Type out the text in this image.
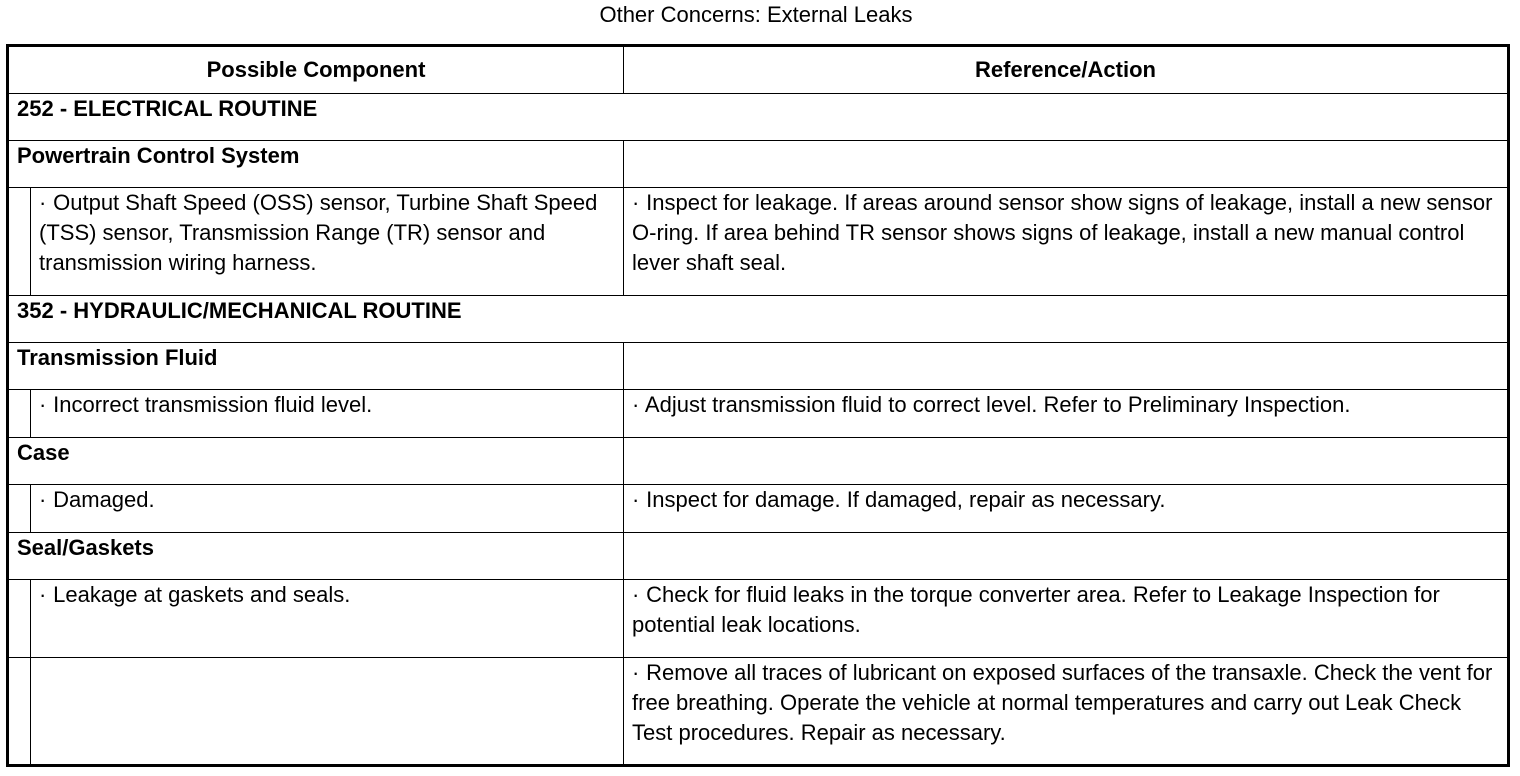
Other Concerns: External Leaks
Possible Component		Reference/Action
252 - ELECTRICAL ROUTINE		
Powertrain Control System		
	· Output Shaft Speed (OSS) sensor, Turbine Shaft Speed (TSS) sensor, Transmission Range (TR) sensor and transmission wiring harness.	· Inspect for leakage. If areas around sensor show signs of leakage, install a new sensor O-ring. If area behind TR sensor shows signs of leakage, install a new manual control lever shaft seal.
352 - HYDRAULIC/MECHANICAL ROUTINE		
Transmission Fluid		
	· Incorrect transmission fluid level.	· Adjust transmission fluid to correct level. Refer to Preliminary Inspection.
Case		
	· Damaged.	· Inspect for damage. If damaged, repair as necessary.
Seal/Gaskets		
	· Leakage at gaskets and seals.	· Check for fluid leaks in the torque converter area. Refer to Leakage Inspection for potential leak locations.
		· Remove all traces of lubricant on exposed surfaces of the transaxle. Check the vent for free breathing. Operate the vehicle at normal temperatures and carry out Leak Check Test procedures. Repair as necessary.
